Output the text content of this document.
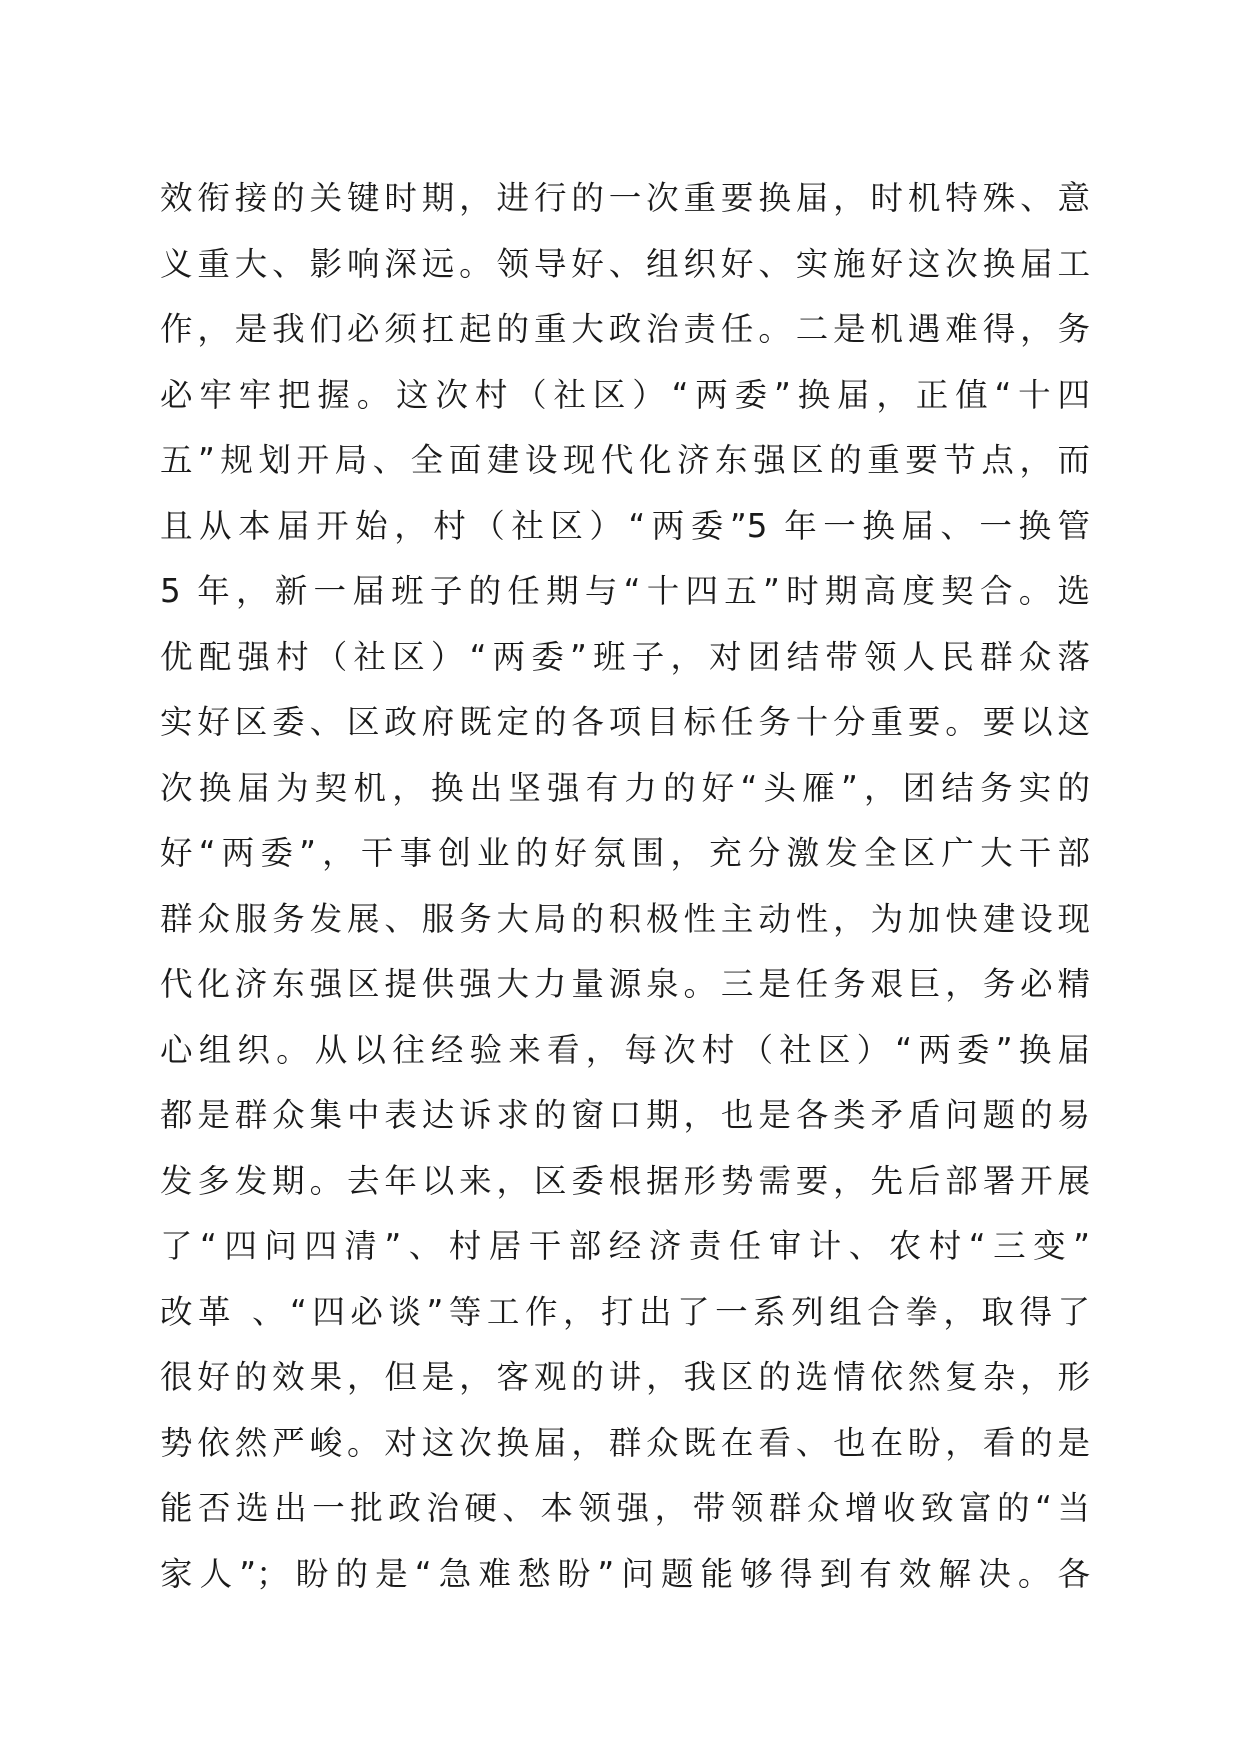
效衔接的关键时期，进行的一次重要换届，时机特殊、意
义重大、影响深远。领导好、组织好、实施好这次换届工
作，是我们必须扛起的重大政治责任。二是机遇难得，务
必牢牢把握。这次村（社区）“两委”换届，正值“十四
五”规划开局、全面建设现代化济东强区的重要节点，而
且从本届开始，村（社区）“两委”5 年一换届、一换管
5 年，新一届班子的任期与“十四五”时期高度契合。选
优配强村（社区）“两委”班子，对团结带领人民群众落
实好区委、区政府既定的各项目标任务十分重要。要以这
次换届为契机，换出坚强有力的好“头雁”，团结务实的
好“两委”，干事创业的好氛围，充分激发全区广大干部
群众服务发展、服务大局的积极性主动性，为加快建设现
代化济东强区提供强大力量源泉。三是任务艰巨，务必精
心组织。从以往经验来看，每次村（社区）“两委”换届
都是群众集中表达诉求的窗口期，也是各类矛盾问题的易
发多发期。去年以来，区委根据形势需要，先后部署开展
了“四问四清”、村居干部经济责任审计、农村“三变”
改革 、“四必谈”等工作，打出了一系列组合拳，取得了
很好的效果，但是，客观的讲，我区的选情依然复杂，形
势依然严峻。对这次换届，群众既在看、也在盼，看的是
能否选出一批政治硬、本领强，带领群众增收致富的“当
家人”；盼的是“急难愁盼”问题能够得到有效解决。各
